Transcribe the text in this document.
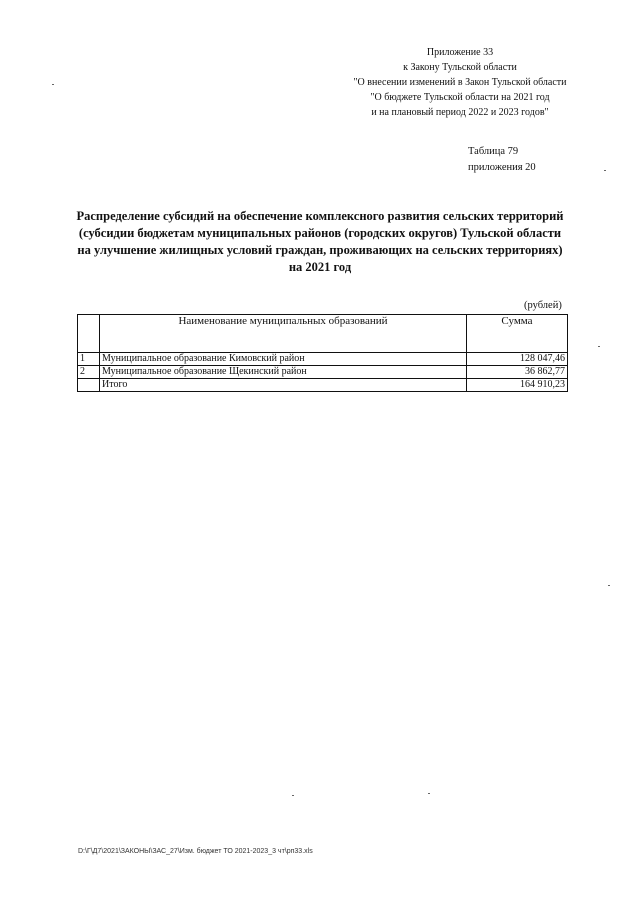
Приложение 33
к Закону Тульской области
"О внесении изменений в Закон Тульской области
"О бюджете Тульской области на 2021 год
и на плановый период 2022 и 2023 годов"
Таблица 79
приложения 20
Распределение субсидий на обеспечение комплексного развития сельских территорий (субсидии бюджетам муниципальных районов (городских округов) Тульской области на улучшение жилищных условий граждан, проживающих на сельских территориях) на 2021 год
(рублей)
	Наименование муниципальных образований	Сумма
1	Муниципальное образование Кимовский район	128 047,46
2	Муниципальное образование Щекинский район	36 862,77
	Итого	164 910,23
D:\Г\Д7\2021\ЗАКОНЫ\ЗАС_27\Изм. бюджет ТО 2021-2023_3 чт\рп33.xls
